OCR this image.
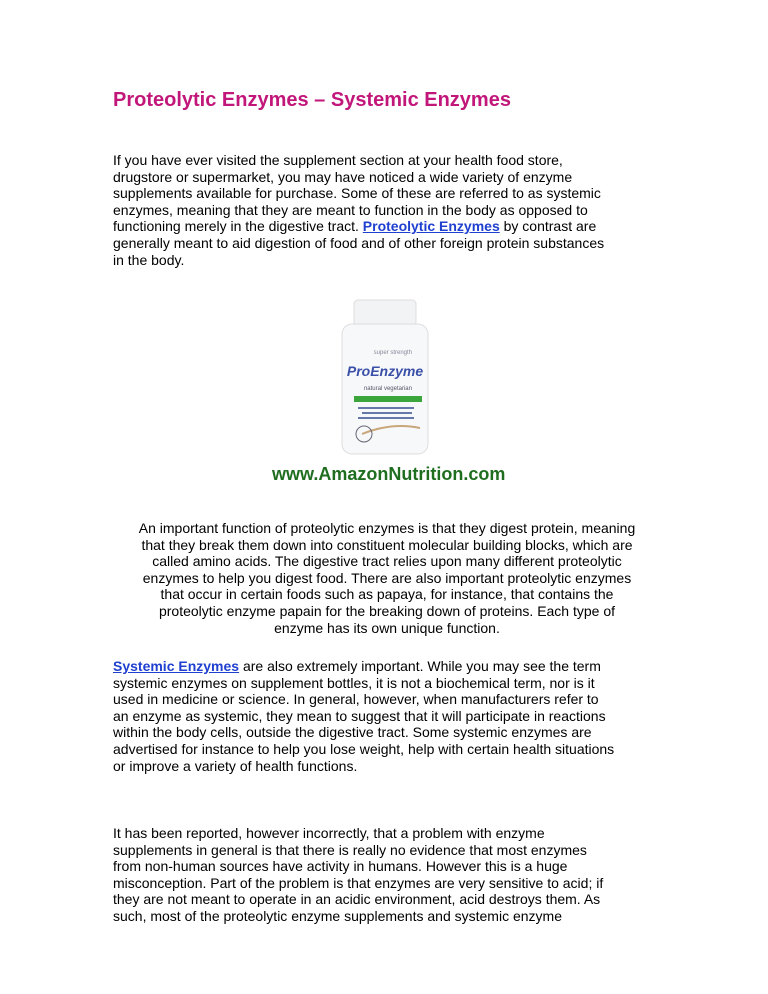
Proteolytic Enzymes – Systemic Enzymes
If you have ever visited the supplement section at your health food store,
drugstore or supermarket, you may have noticed a wide variety of enzyme
supplements available for purchase. Some of these are referred to as systemic
enzymes, meaning that they are meant to function in the body as opposed to
functioning merely in the digestive tract. Proteolytic Enzymes by contrast are
generally meant to aid digestion of food and of other foreign protein substances
in the body.
super strength
ProEnzyme
natural vegetarian
www.AmazonNutrition.com
An important function of proteolytic enzymes is that they digest protein, meaning
that they break them down into constituent molecular building blocks, which are
called amino acids. The digestive tract relies upon many different proteolytic
enzymes to help you digest food. There are also important proteolytic enzymes
that occur in certain foods such as papaya, for instance, that contains the
proteolytic enzyme papain for the breaking down of proteins. Each type of
enzyme has its own unique function.
Systemic Enzymes are also extremely important. While you may see the term
systemic enzymes on supplement bottles, it is not a biochemical term, nor is it
used in medicine or science. In general, however, when manufacturers refer to
an enzyme as systemic, they mean to suggest that it will participate in reactions
within the body cells, outside the digestive tract. Some systemic enzymes are
advertised for instance to help you lose weight, help with certain health situations
or improve a variety of health functions.
It has been reported, however incorrectly, that a problem with enzyme
supplements in general is that there is really no evidence that most enzymes
from non-human sources have activity in humans. However this is a huge
misconception. Part of the problem is that enzymes are very sensitive to acid; if
they are not meant to operate in an acidic environment, acid destroys them. As
such, most of the proteolytic enzyme supplements and systemic enzyme
